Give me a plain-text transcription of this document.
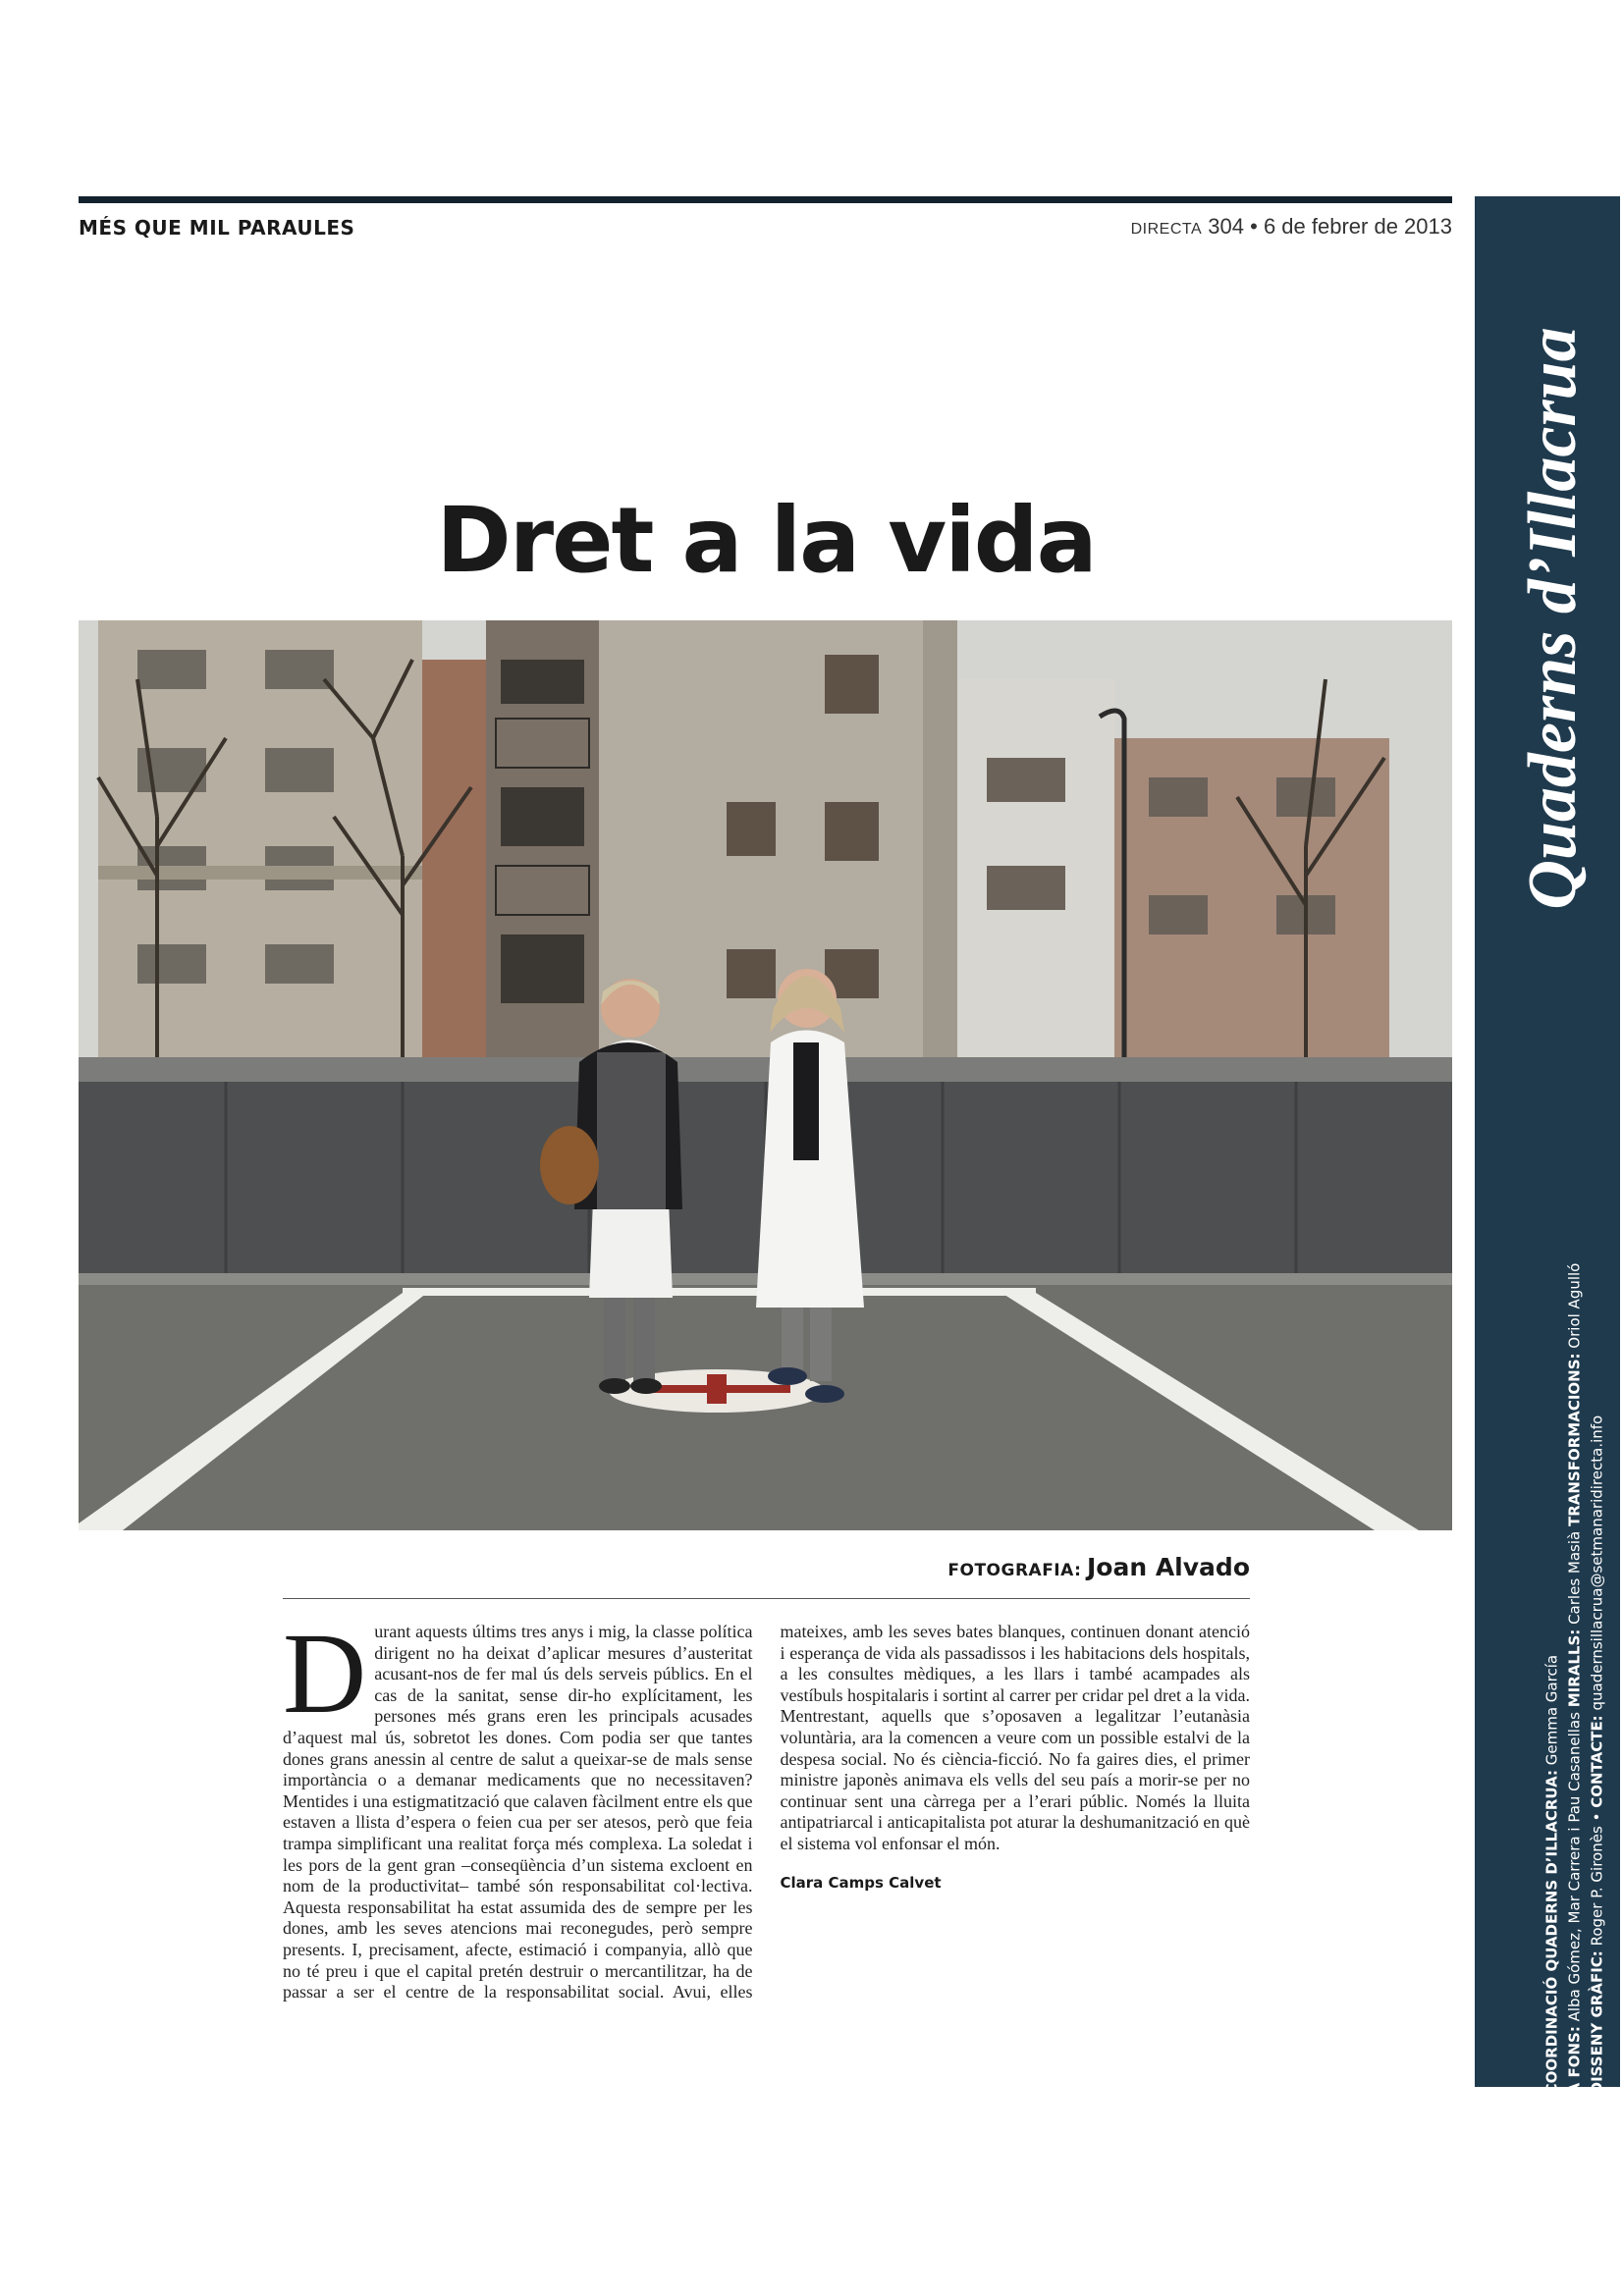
MÉS QUE MIL PARAULES	DIRECTA 304 • 6 de febrer de 2013
Dret a la vida
FOTOGRAFIA: Joan Alvado

Durant aquests últims tres anys i mig, la classe política dirigent no ha deixat d’aplicar mesures d’austeritat acusant-nos de fer mal ús dels serveis públics. En el cas de la sanitat, sense dir-ho explícitament, les persones més grans eren les principals acusades d’aquest mal ús, sobretot les dones. Com podia ser que tantes dones grans anessin al centre de salut a queixar-se de mals sense importància o a demanar medicaments que no necessitaven? Mentides i una estigmatització que calaven fàcilment entre els que estaven a llista d’espera o feien cua per ser atesos, però que feia trampa simplificant una realitat força més complexa. La soledat i les pors de la gent gran –conseqüència d’un sistema excloent en nom de la productivitat– també són responsabilitat col·lectiva. Aquesta responsabilitat ha estat assumida des de sempre per les dones, amb les seves atencions mai reconegudes, però sempre presents. I, precisament, afecte, estimació i companyia, allò que no té preu i que el capital pretén destruir o mercantilitzar, ha de passar a ser el centre de la responsabilitat social. Avui, elles mateixes, amb les seves bates blanques, continuen donant atenció i esperança de vida als passadissos i les habitacions dels hospitals, a les consultes mèdiques, a les llars i també acampades als vestíbuls hospitalaris i sortint al carrer per cridar pel dret a la vida. Mentrestant, aquells que s’oposaven a legalitzar l’eutanàsia voluntària, ara la comencen a veure com un possible estalvi de la despesa social. No és ciència-ficció. No fa gaires dies, el primer ministre japonès animava els vells del seu país a morir-se per no continuar sent una càrrega per a l’erari públic. Només la lluita antipatriarcal i anticapitalista pot aturar la deshumanització en què el sistema vol enfonsar el món.

Clara Camps Calvet
Quaderns d’Illacrua
COORDINACIÓ QUADERNS D’ILLACRUA: Gemma García
A FONS: Alba Gómez, Mar Carrera i Pau Casanellas MIRALLS: Carles Masià TRANSFORMACIONS: Oriol Agulló
DISSENY GRÀFIC: Roger P. Gironès • CONTACTE: quadernsillacrua@setmanaridirecta.info
